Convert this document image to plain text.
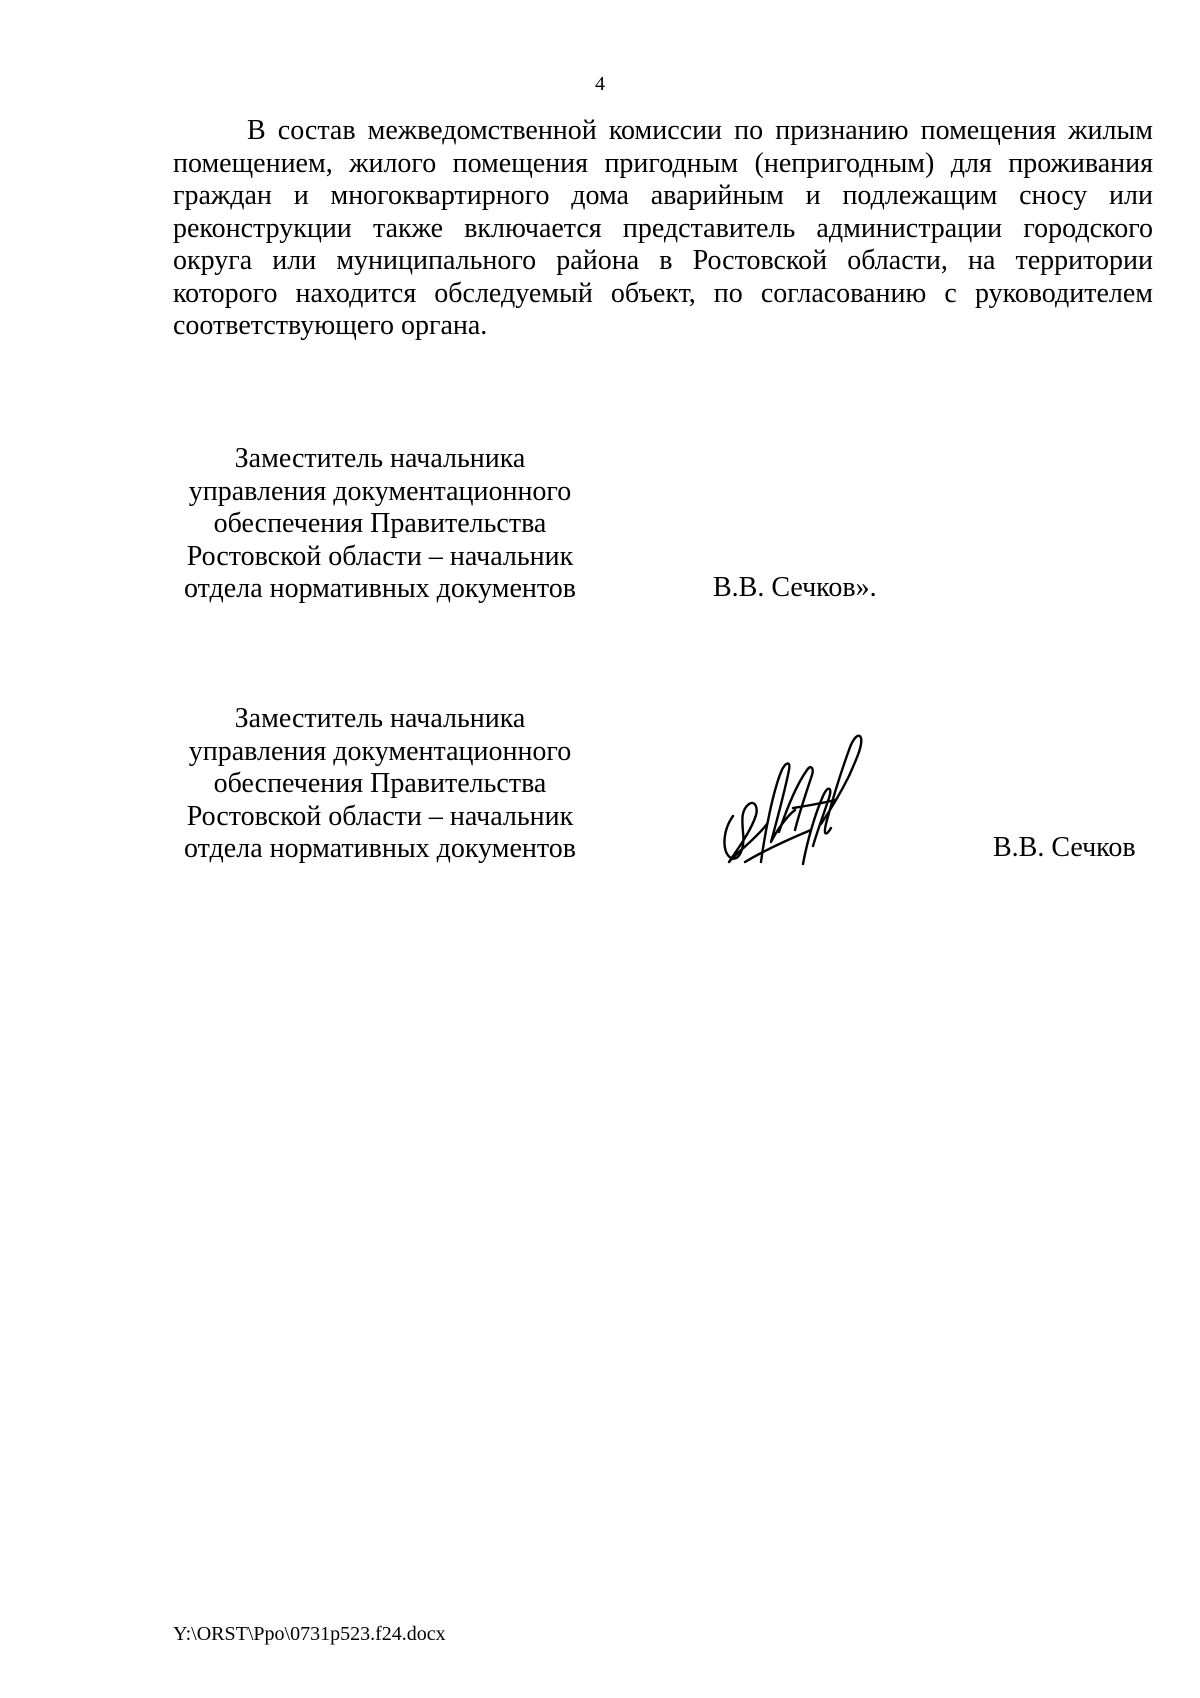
4

В состав межведомственной комиссии по признанию помещения жилым помещением, жилого помещения пригодным (непригодным) для проживания граждан и многоквартирного дома аварийным и подлежащим сносу или реконструкции также включается представитель администрации городского округа или муниципального района в Ростовской области, на территории которого находится обследуемый объект, по согласованию с руководителем соответствующего органа.

Заместитель начальника
управления документационного
обеспечения Правительства
Ростовской области – начальник
отдела нормативных документов	В.В. Сечков».
Заместитель начальника
управления документационного
обеспечения Правительства
Ростовской области – начальник
отдела нормативных документов	В.В. Сечков
Y:\ORST\Ppo\0731p523.f24.docx
